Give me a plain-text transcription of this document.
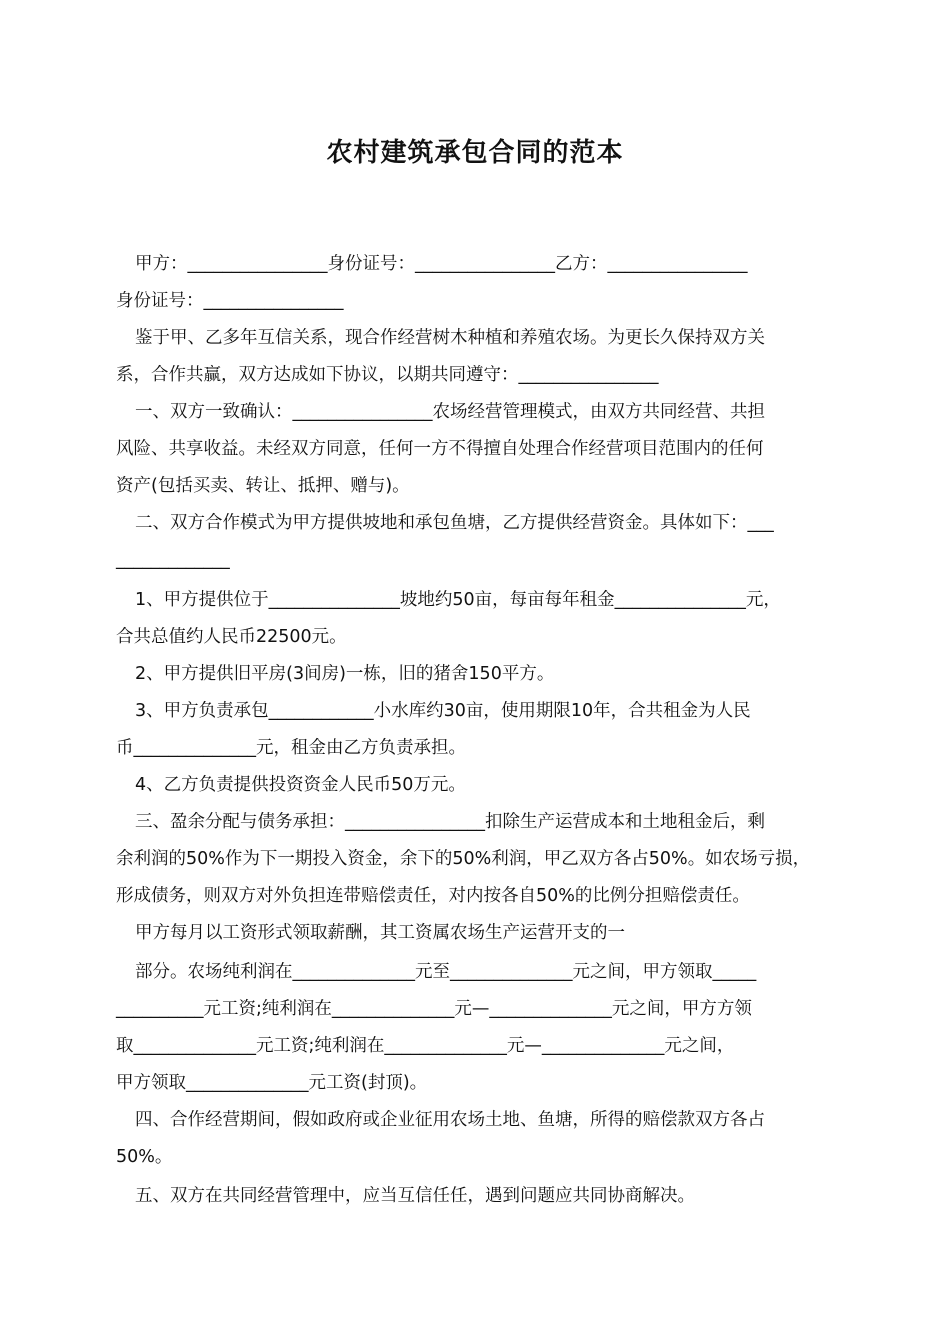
农村建筑承包合同的范本
甲方：________________身份证号：________________乙方：________________
身份证号：________________
鉴于甲、乙多年互信关系，现合作经营树木种植和养殖农场。为更长久保持双方关
系，合作共赢，双方达成如下协议，以期共同遵守：________________
一、双方一致确认：________________农场经营管理模式，由双方共同经营、共担
风险、共享收益。未经双方同意，任何一方不得擅自处理合作经营项目范围内的任何
资产(包括买卖、转让、抵押、赠与)。
二、双方合作模式为甲方提供坡地和承包鱼塘，乙方提供经营资金。具体如下：___
_____________
1、甲方提供位于_______________坡地约50亩，每亩每年租金_______________元，
合共总值约人民币22500元。
2、甲方提供旧平房(3间房)一栋，旧的猪舍150平方。
3、甲方负责承包____________小水库约30亩，使用期限10年，合共租金为人民
币______________元，租金由乙方负责承担。
4、乙方负责提供投资资金人民币50万元。
三、盈余分配与债务承担：________________扣除生产运营成本和土地租金后，剩
余利润的50%作为下一期投入资金，余下的50%利润，甲乙双方各占50%。如农场亏损，
形成债务，则双方对外负担连带赔偿责任，对内按各自50%的比例分担赔偿责任。
甲方每月以工资形式领取薪酬，其工资属农场生产运营开支的一
部分。农场纯利润在______________元至______________元之间，甲方领取_____
__________元工资;纯利润在______________元—______________元之间，甲方方领
取______________元工资;纯利润在______________元—______________元之间，
甲方领取______________元工资(封顶)。
四、合作经营期间，假如政府或企业征用农场土地、鱼塘，所得的赔偿款双方各占
50%。
五、双方在共同经营管理中，应当互信任任，遇到问题应共同协商解决。
